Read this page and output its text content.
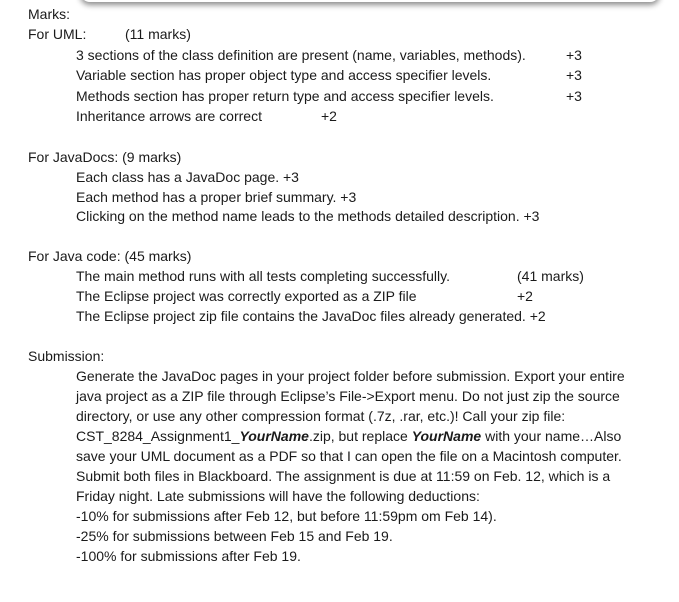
Marks:
For UML:	(11 marks)
3 sections of the class definition are present (name, variables, methods).	+3
Variable section has proper object type and access specifier levels.	+3
Methods section has proper return type and access specifier levels.	+3
Inheritance arrows are correct	+2
For JavaDocs: (9 marks)
Each class has a JavaDoc page. +3
Each method has a proper brief summary. +3
Clicking on the method name leads to the methods detailed description. +3
For Java code: (45 marks)
The main method runs with all tests completing successfully.	(41 marks)
The Eclipse project was correctly exported as a ZIP file	+2
The Eclipse project zip file contains the JavaDoc files already generated. +2
Submission:
Generate the JavaDoc pages in your project folder before submission. Export your entire
java project as a ZIP file through Eclipse’s File->Export menu. Do not just zip the source
directory, or use any other compression format (.7z, .rar, etc.)! Call your zip file:
CST_8284_Assignment1_YourName.zip, but replace YourName with your name…Also
save your UML document as a PDF so that I can open the file on a Macintosh computer.
Submit both files in Blackboard. The assignment is due at 11:59 on Feb. 12, which is a
Friday night. Late submissions will have the following deductions:
-10% for submissions after Feb 12, but before 11:59pm om Feb 14).
-25% for submissions between Feb 15 and Feb 19.
-100% for submissions after Feb 19.
